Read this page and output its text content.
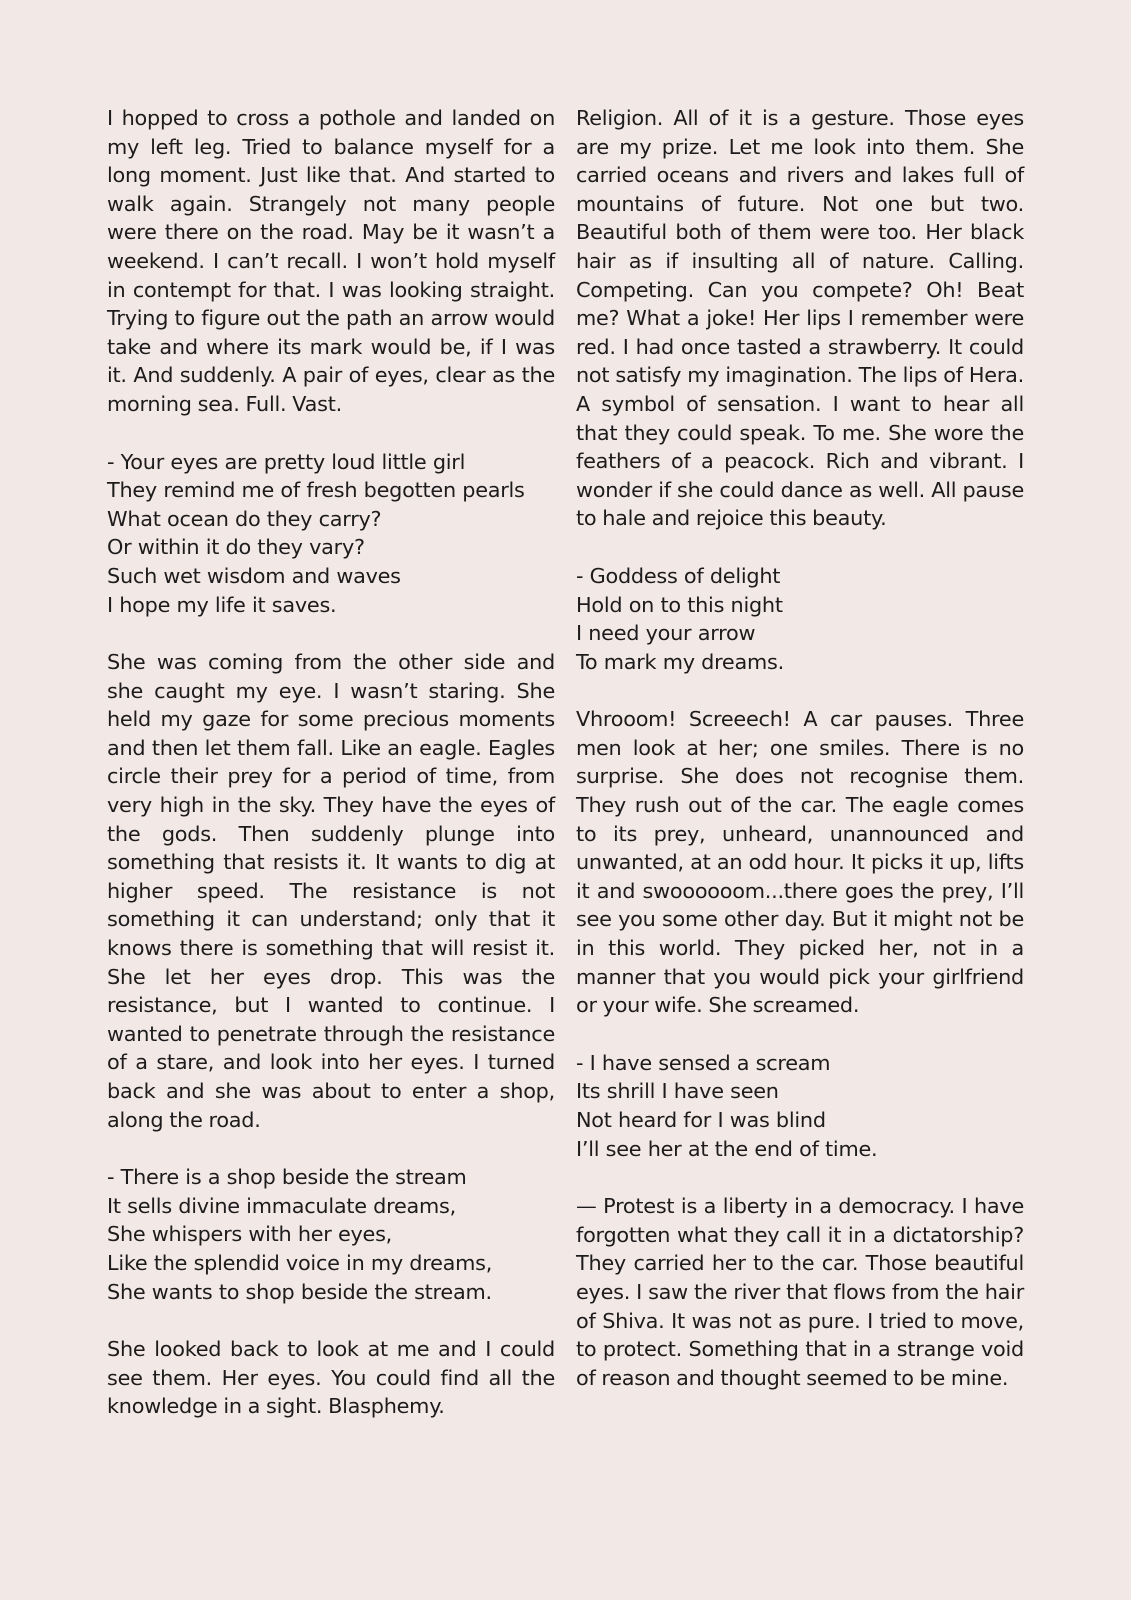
I hopped to cross a pothole and landed on my left leg. Tried to balance myself for a long moment. Just like that. And started to walk again. Strangely not many people were there on the road. May be it wasn’t a weekend. I can’t recall. I won’t hold myself in contempt for that. I was looking straight. Trying to figure out the path an arrow would take and where its mark would be, if I was it. And suddenly. A pair of eyes, clear as the morning sea. Full. Vast.

- Your eyes are pretty loud little girl
They remind me of fresh begotten pearls
What ocean do they carry?
Or within it do they vary?
Such wet wisdom and waves
I hope my life it saves.

She was coming from the other side and she caught my eye. I wasn’t staring. She held my gaze for some precious moments and then let them fall. Like an eagle. Eagles circle their prey for a period of time, from very high in the sky. They have the eyes of the gods. Then suddenly plunge into something that resists it. It wants to dig at higher speed. The resistance is not something it can understand; only that it knows there is something that will resist it. She let her eyes drop. This was the resistance, but I wanted to continue. I wanted to penetrate through the resistance of a stare, and look into her eyes. I turned back and she was about to enter a shop, along the road.

- There is a shop beside the stream
It sells divine immaculate dreams,
She whispers with her eyes,
Like the splendid voice in my dreams,
She wants to shop beside the stream.

She looked back to look at me and I could see them. Her eyes. You could find all the knowledge in a sight. Blasphemy.

Religion. All of it is a gesture. Those eyes are my prize. Let me look into them. She carried oceans and rivers and lakes full of mountains of future. Not one but two. Beautiful both of them were too. Her black hair as if insulting all of nature. Calling. Competing. Can you compete? Oh! Beat me? What a joke! Her lips I remember were red. I had once tasted a strawberry. It could not satisfy my imagination. The lips of Hera. A symbol of sensation. I want to hear all that they could speak. To me. She wore the feathers of a peacock. Rich and vibrant. I wonder if she could dance as well. All pause to hale and rejoice this beauty.

- Goddess of delight
Hold on to this night
I need your arrow
To mark my dreams.

Vhrooom! Screeech! A car pauses. Three men look at her; one smiles. There is no surprise. She does not recognise them. They rush out of the car. The eagle comes to its prey, unheard, unannounced and unwanted, at an odd hour. It picks it up, lifts it and swoooooom...there goes the prey, I’ll see you some other day. But it might not be in this world. They picked her, not in a manner that you would pick your girlfriend or your wife. She screamed.

- I have sensed a scream
Its shrill I have seen
Not heard for I was blind
I’ll see her at the end of time.

— Protest is a liberty in a democracy. I have forgotten what they call it in a dictatorship? They carried her to the car. Those beautiful eyes. I saw the river that flows from the hair of Shiva. It was not as pure. I tried to move, to protect. Something that in a strange void of reason and thought seemed to be mine.
